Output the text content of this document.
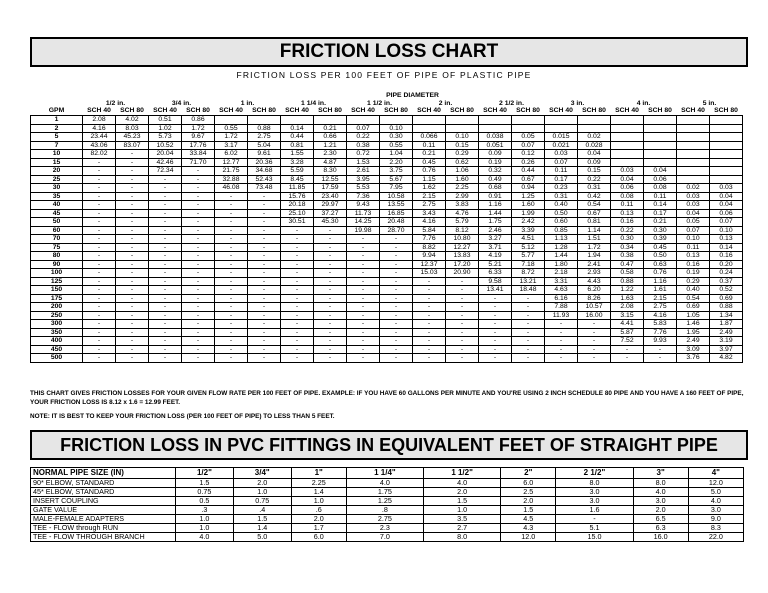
FRICTION LOSS CHART
FRICTION LOSS PER 100 FEET OF PIPE OF PLASTIC PIPE
	PIPE DIAMETER																			
	1/2 in.		3/4 in.		1 in.		1 1/4 in.		1 1/2 in.		2 in.		2 1/2 in.		3 in.		4 in.		5 in.	
GPM	SCH 40	SCH 80	SCH 40	SCH 80	SCH 40	SCH 80	SCH 40	SCH 80	SCH 40	SCH 80	SCH 40	SCH 80	SCH 40	SCH 80	SCH 40	SCH 80	SCH 40	SCH 80	SCH 40	SCH 80
1	2.08	4.02	0.51	0.86																
2	4.16	8.03	1.02	1.72	0.55	0.88	0.14	0.21	0.07	0.10										
5	23.44	45.23	5.73	9.67	1.72	2.75	0.44	0.66	0.22	0.30	0.066	0.10	0.038	0.05	0.015	0.02				
7	43.06	83.07	10.52	17.76	3.17	5.04	0.81	1.21	0.38	0.55	0.11	0.15	0.051	0.07	0.021	0.028				
10	82.02	-	20.04	33.84	6.02	9.61	1.55	2.30	0.72	1.04	0.21	0.29	0.09	0.12	0.03	0.04				
15	-	-	42.46	71.70	12.77	20.36	3.28	4.87	1.53	2.20	0.45	0.62	0.19	0.26	0.07	0.09				
20	-	-	72.34	-	21.75	34.68	5.59	8.30	2.61	3.75	0.76	1.06	0.32	0.44	0.11	0.15	0.03	0.04		
25	-	-	-	-	32.88	52.43	8.45	12.55	3.95	5.67	1.15	1.60	0.49	0.67	0.17	0.22	0.04	0.06		
30	-	-	-	-	46.08	73.48	11.85	17.59	5.53	7.95	1.62	2.25	0.68	0.94	0.23	0.31	0.06	0.08	0.02	0.03
35	-	-	-	-	-	-	15.76	23.40	7.36	10.58	2.15	2.99	0.91	1.25	0.31	0.42	0.08	0.11	0.03	0.04
40	-	-	-	-	-	-	20.18	29.97	9.43	13.55	2.75	3.83	1.16	1.60	0.40	0.54	0.11	0.14	0.03	0.04
45	-	-	-	-	-	-	25.10	37.27	11.73	16.85	3.43	4.76	1.44	1.99	0.50	0.67	0.13	0.17	0.04	0.06
50	-	-	-	-	-	-	30.51	45.30	14.25	20.48	4.16	5.79	1.75	2.42	0.60	0.81	0.16	0.21	0.05	0.07
60	-	-	-	-	-	-	-	-	19.98	28.70	5.84	8.12	2.46	3.39	0.85	1.14	0.22	0.30	0.07	0.10
70	-	-	-	-	-	-	-	-	-	-	7.76	10.80	3.27	4.51	1.13	1.51	0.30	0.39	0.10	0.13
75	-	-	-	-	-	-	-	-	-	-	8.82	12.27	3.71	5.12	1.28	1.72	0.34	0.45	0.11	0.14
80	-	-	-	-	-	-	-	-	-	-	9.94	13.83	4.19	5.77	1.44	1.94	0.38	0.50	0.13	0.16
90	-	-	-	-	-	-	-	-	-	-	12.37	17.20	5.21	7.18	1.80	2.41	0.47	0.63	0.16	0.20
100	-	-	-	-	-	-	-	-	-	-	15.03	20.90	6.33	8.72	2.18	2.93	0.58	0.76	0.19	0.24
125	-	-	-	-	-	-	-	-	-	-	-	-	9.58	13.21	3.31	4.43	0.88	1.16	0.29	0.37
150	-	-	-	-	-	-	-	-	-	-	-	-	13.41	18.48	4.63	6.20	1.22	1.61	0.40	0.52
175	-	-	-	-	-	-	-	-	-	-	-	-	-	-	6.16	8.26	1.63	2.15	0.54	0.69
200	-	-	-	-	-	-	-	-	-	-	-	-	-	-	7.88	10.57	2.08	2.75	0.69	0.88
250	-	-	-	-	-	-	-	-	-	-	-	-	-	-	11.93	16.00	3.15	4.16	1.05	1.34
300	-	-	-	-	-	-	-	-	-	-	-	-	-	-	-	-	4.41	5.83	1.46	1.87
350	-	-	-	-	-	-	-	-	-	-	-	-	-	-	-	-	5.87	7.76	1.95	2.49
400	-	-	-	-	-	-	-	-	-	-	-	-	-	-	-	-	7.52	9.93	2.49	3.19
450	-	-	-	-	-	-	-	-	-	-	-	-	-	-	-	-	-	-	3.09	3.97
500	-	-	-	-	-	-	-	-	-	-	-	-	-	-	-	-	-	-	3.76	4.82
THIS CHART GIVES FRICTION LOSSES FOR YOUR GIVEN FLOW RATE PER 100 FEET OF PIPE. EXAMPLE: IF YOU HAVE 60 GALLONS PER MINUTE AND YOU'RE USING 2 INCH SCHEDULE 80 PIPE AND YOU HAVE A 160 FEET OF PIPE, YOUR FRICTION LOSS IS 8.12 x 1.6 = 12.99 FEET.
NOTE: IT IS BEST TO KEEP YOUR FRICTION LOSS (PER 100 FEET OF PIPE) TO LESS THAN 5 FEET.
FRICTION LOSS IN PVC FITTINGS IN EQUIVALENT FEET OF STRAIGHT PIPE
NORMAL PIPE SIZE (IN)	1/2"	3/4"	1"	1 1/4"	1 1/2"	2"	2 1/2"	3"	4"
90* ELBOW, STANDARD	1.5	2.0	2.25	4.0	4.0	6.0	8.0	8.0	12.0
45* ELBOW, STANDARD	0.75	1.0	1.4	1.75	2.0	2.5	3.0	4.0	5.0
INSERT COUPLING	0.5	0.75	1.0	1.25	1.5	2.0	3.0	3.0	4.0
GATE VALUE	.3	.4	.6	.8	1.0	1.5	1.6	2.0	3.0
MALE-FEMALE ADAPTERS	1.0	1.5	2.0	2.75	3.5	4.5	-	6.5	9.0
TEE - FLOW through RUN	1.0	1.4	1.7	2.3	2.7	4.3	5.1	6.3	8.3
TEE - FLOW THROUGH BRANCH	4.0	5.0	6.0	7.0	8.0	12.0	15.0	16.0	22.0
